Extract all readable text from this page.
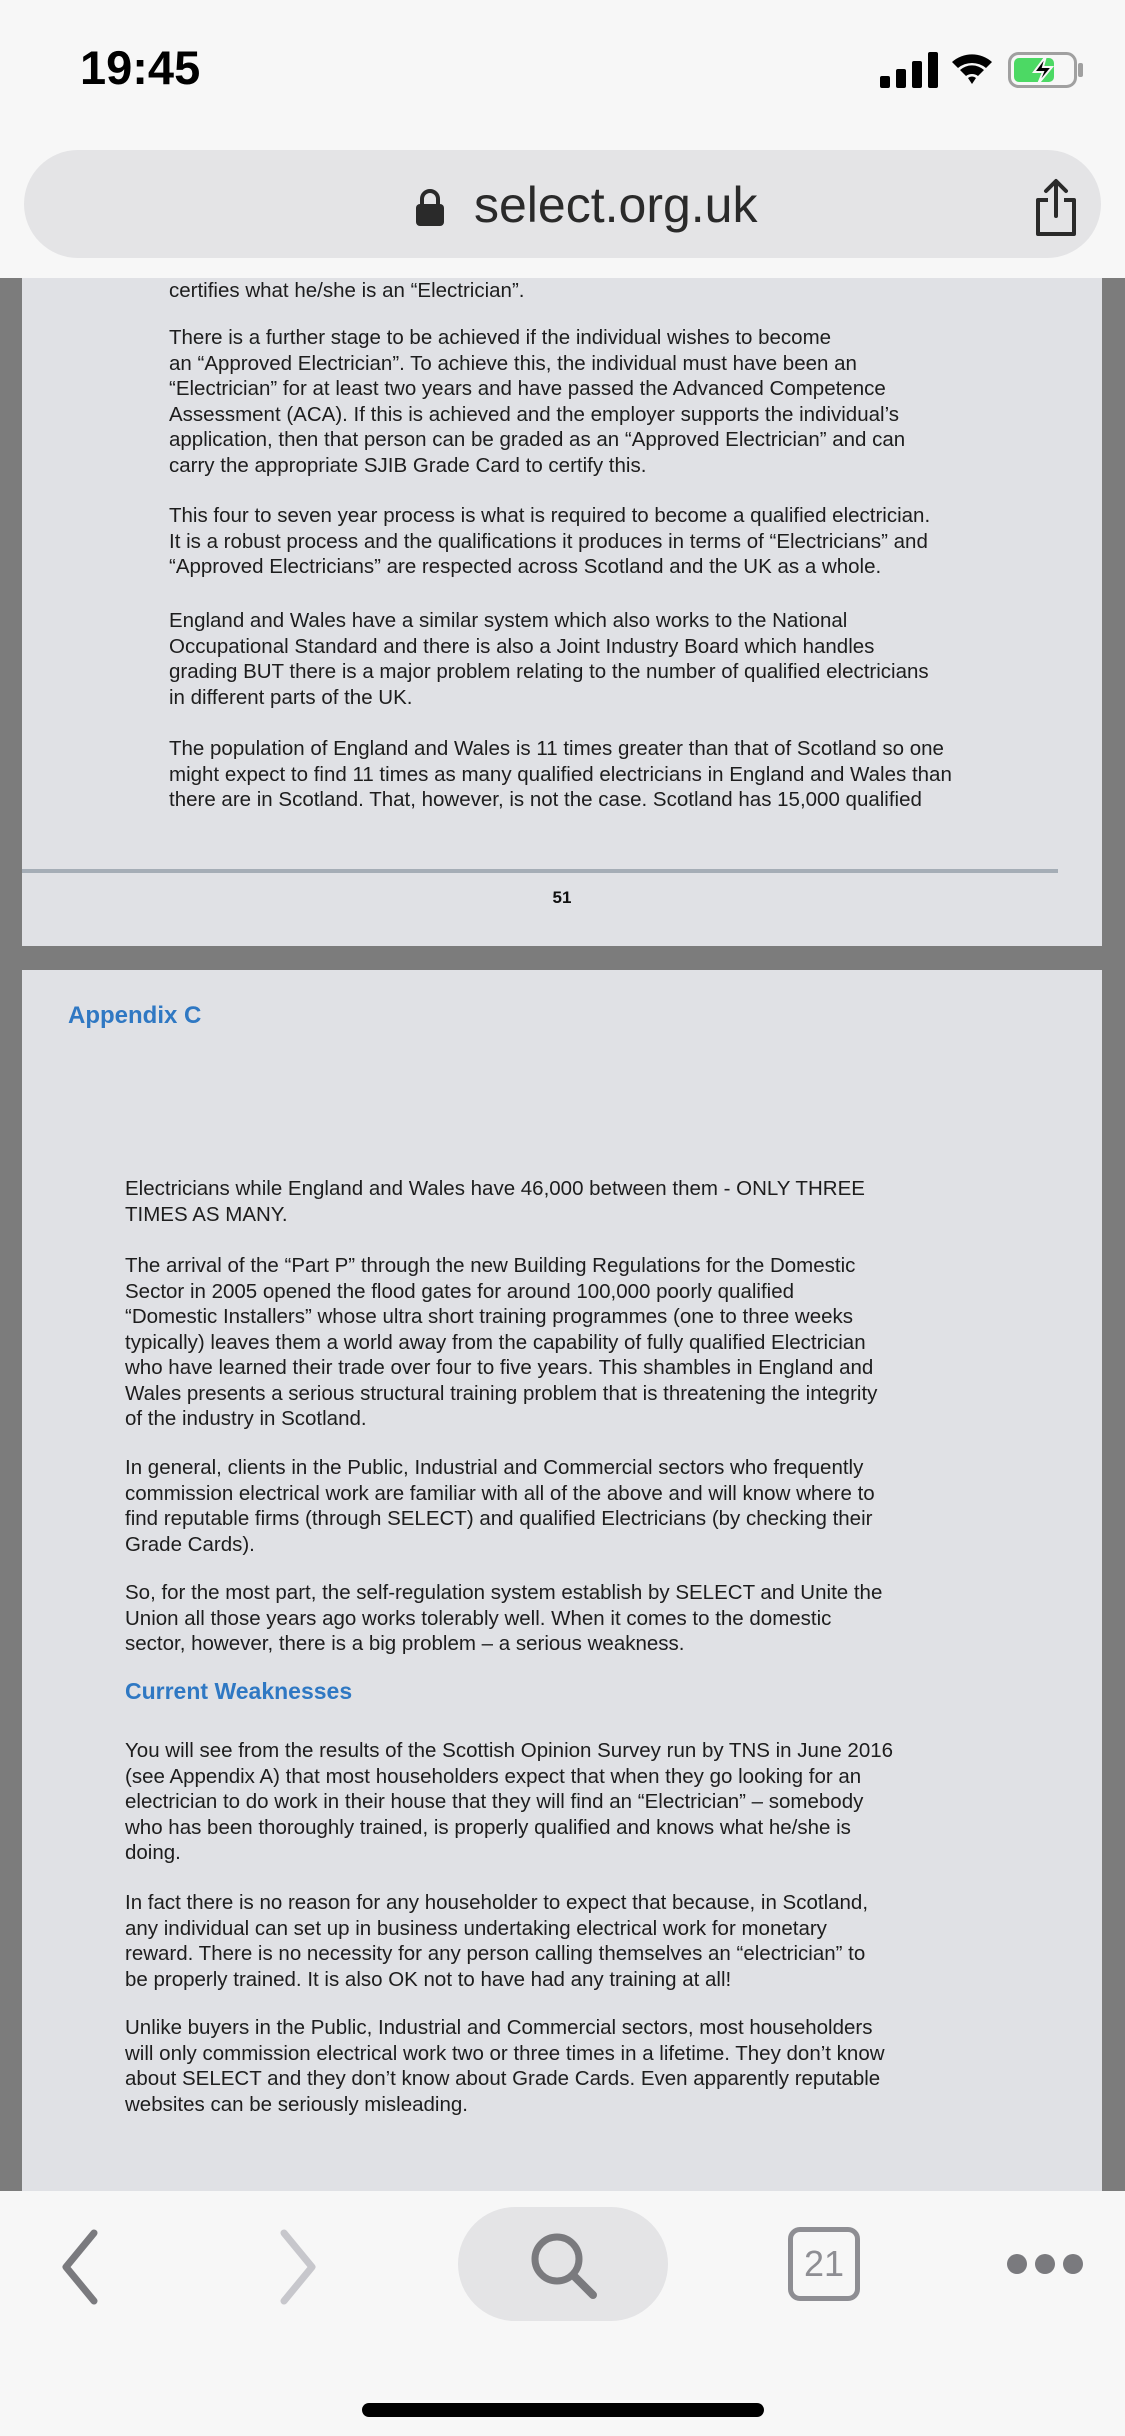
19:45
select.org.uk

certifies what he/she is an “Electrician”.

There is a further stage to be achieved if the individual wishes to become
an “Approved Electrician”. To achieve this, the individual must have been an
“Electrician” for at least two years and have passed the Advanced Competence
Assessment (ACA). If this is achieved and the employer supports the individual’s
application, then that person can be graded as an “Approved Electrician” and can
carry the appropriate SJIB Grade Card to certify this.

This four to seven year process is what is required to become a qualified electrician.
It is a robust process and the qualifications it produces in terms of “Electricians” and
“Approved Electricians” are respected across Scotland and the UK as a whole.

England and Wales have a similar system which also works to the National
Occupational Standard and there is also a Joint Industry Board which handles
grading BUT there is a major problem relating to the number of qualified electricians
in different parts of the UK.

The population of England and Wales is 11 times greater than that of Scotland so one
might expect to find 11 times as many qualified electricians in England and Wales than
there are in Scotland. That, however, is not the case. Scotland has 15,000 qualified

51
Appendix C

Electricians while England and Wales have 46,000 between them - ONLY THREE
TIMES AS MANY.

The arrival of the “Part P” through the new Building Regulations for the Domestic
Sector in 2005 opened the flood gates for around 100,000 poorly qualified
“Domestic Installers” whose ultra short training programmes (one to three weeks
typically) leaves them a world away from the capability of fully qualified Electrician
who have learned their trade over four to five years. This shambles in England and
Wales presents a serious structural training problem that is threatening the integrity
of the industry in Scotland.

In general, clients in the Public, Industrial and Commercial sectors who frequently
commission electrical work are familiar with all of the above and will know where to
find reputable firms (through SELECT) and qualified Electricians (by checking their
Grade Cards).

So, for the most part, the self-regulation system establish by SELECT and Unite the
Union all those years ago works tolerably well. When it comes to the domestic
sector, however, there is a big problem – a serious weakness.

Current Weaknesses

You will see from the results of the Scottish Opinion Survey run by TNS in June 2016
(see Appendix A) that most householders expect that when they go looking for an
electrician to do work in their house that they will find an “Electrician” – somebody
who has been thoroughly trained, is properly qualified and knows what he/she is
doing.

In fact there is no reason for any householder to expect that because, in Scotland,
any individual can set up in business undertaking electrical work for monetary
reward. There is no necessity for any person calling themselves an “electrician” to
be properly trained. It is also OK not to have had any training at all!

Unlike buyers in the Public, Industrial and Commercial sectors, most householders
will only commission electrical work two or three times in a lifetime. They don’t know
about SELECT and they don’t know about Grade Cards. Even apparently reputable
websites can be seriously misleading.

21
